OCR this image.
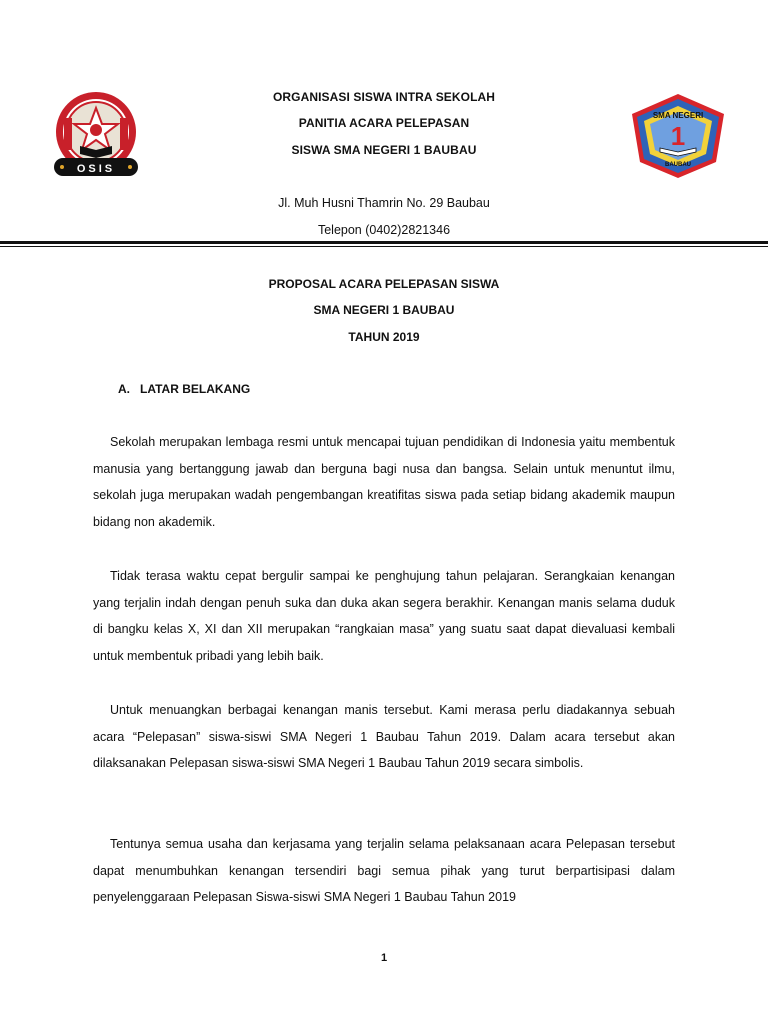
OSIS
SMA NEGERI
1
BAUBAU
ORGANISASI SISWA INTRA SEKOLAH
PANITIA ACARA PELEPASAN
SISWA SMA NEGERI 1 BAUBAU
Jl. Muh Husni Thamrin No. 29 Baubau
Telepon (0402)2821346
PROPOSAL ACARA PELEPASAN SISWA
SMA NEGERI 1 BAUBAU
TAHUN 2019
A. LATAR BELAKANG

Sekolah merupakan lembaga resmi untuk mencapai tujuan pendidikan di Indonesia yaitu membentuk manusia yang bertanggung jawab dan berguna bagi nusa dan bangsa. Selain untuk menuntut ilmu, sekolah juga merupakan wadah pengembangan kreatifitas siswa pada setiap bidang akademik maupun bidang non akademik.

Tidak terasa waktu cepat bergulir sampai ke penghujung tahun pelajaran. Serangkaian kenangan yang terjalin indah dengan penuh suka dan duka akan segera berakhir. Kenangan manis selama duduk di bangku kelas X, XI dan XII merupakan “rangkaian masa” yang suatu saat dapat dievaluasi kembali untuk membentuk pribadi yang lebih baik.

Untuk menuangkan berbagai kenangan manis tersebut. Kami merasa perlu diadakannya sebuah acara “Pelepasan” siswa-siswi SMA Negeri 1 Baubau Tahun 2019. Dalam acara tersebut akan dilaksanakan Pelepasan siswa-siswi SMA Negeri 1 Baubau Tahun 2019 secara simbolis.

Tentunya semua usaha dan kerjasama yang terjalin selama pelaksanaan acara Pelepasan tersebut dapat menumbuhkan kenangan tersendiri bagi semua pihak yang turut berpartisipasi dalam penyelenggaraan Pelepasan Siswa-siswi SMA Negeri 1 Baubau Tahun 2019

1
